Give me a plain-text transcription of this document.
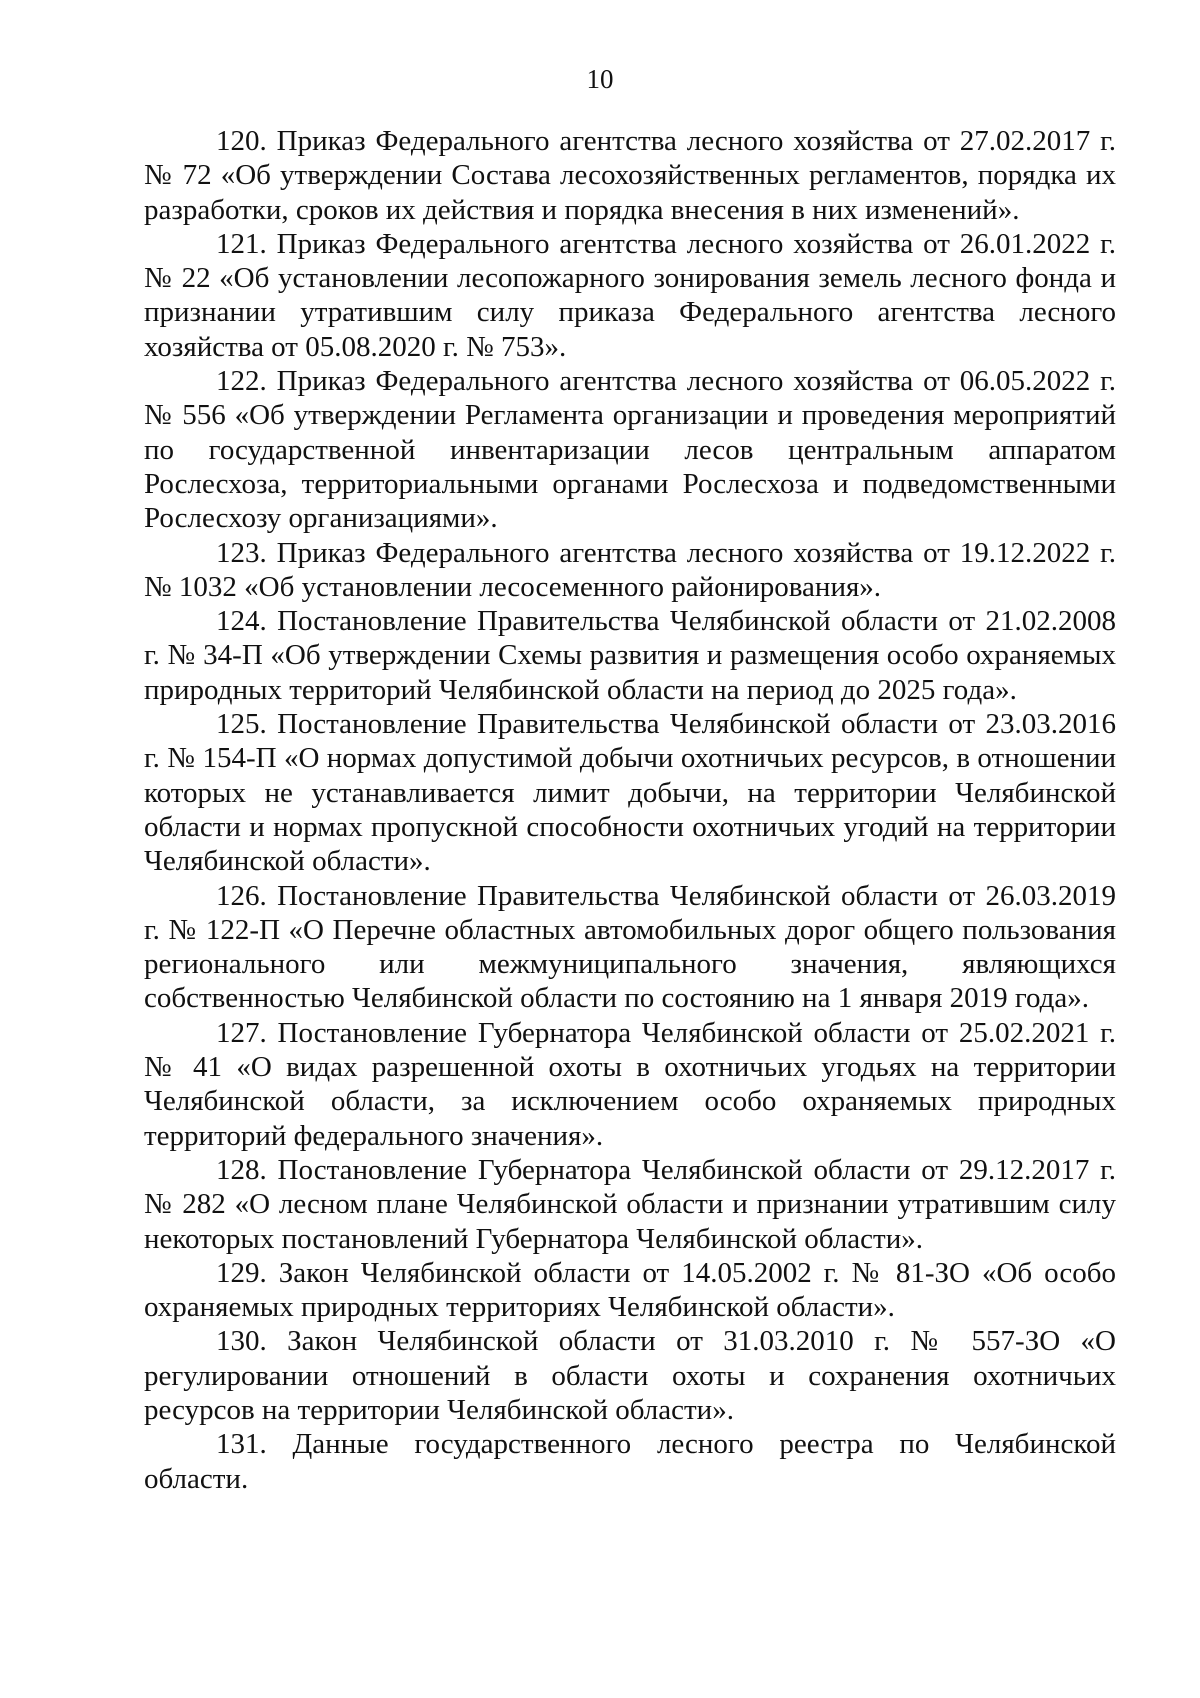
10

120. Приказ Федерального агентства лесного хозяйства от 27.02.2017 г. № 72 «Об утверждении Состава лесохозяйственных регламентов, порядка их разработки, сроков их действия и порядка внесения в них изменений».

121. Приказ Федерального агентства лесного хозяйства от 26.01.2022 г. № 22 «Об установлении лесопожарного зонирования земель лесного фонда и признании утратившим силу приказа Федерального агентства лесного хозяйства от 05.08.2020 г. № 753».

122. Приказ Федерального агентства лесного хозяйства от 06.05.2022 г. № 556 «Об утверждении Регламента организации и проведения мероприятий по государственной инвентаризации лесов центральным аппаратом Рослесхоза, территориальными органами Рослесхоза и подведомственными Рослесхозу организациями».

123. Приказ Федерального агентства лесного хозяйства от 19.12.2022 г. № 1032 «Об установлении лесосеменного районирования».

124. Постановление Правительства Челябинской области от 21.02.2008 г. № 34-П «Об утверждении Схемы развития и размещения особо охраняемых природных территорий Челябинской области на период до 2025 года».

125. Постановление Правительства Челябинской области от 23.03.2016 г. № 154-П «О нормах допустимой добычи охотничьих ресурсов, в отношении которых не устанавливается лимит добычи, на территории Челябинской области и нормах пропускной способности охотничьих угодий на территории Челябинской области».

126. Постановление Правительства Челябинской области от 26.03.2019 г. № 122-П «О Перечне областных автомобильных дорог общего пользования регионального или межмуниципального значения, являющихся собственностью Челябинской области по состоянию на 1 января 2019 года».

127. Постановление Губернатора Челябинской области от 25.02.2021 г. № 41 «О видах разрешенной охоты в охотничьих угодьях на территории Челябинской области, за исключением особо охраняемых природных территорий федерального значения».

128. Постановление Губернатора Челябинской области от 29.12.2017 г. № 282 «О лесном плане Челябинской области и признании утратившим силу некоторых постановлений Губернатора Челябинской области».

129. Закон Челябинской области от 14.05.2002 г. № 81-ЗО «Об особо охраняемых природных территориях Челябинской области».

130. Закон Челябинской области от 31.03.2010 г. № 557-ЗО «О регулировании отношений в области охоты и сохранения охотничьих ресурсов на территории Челябинской области».

131. Данные государственного лесного реестра по Челябинской области.
